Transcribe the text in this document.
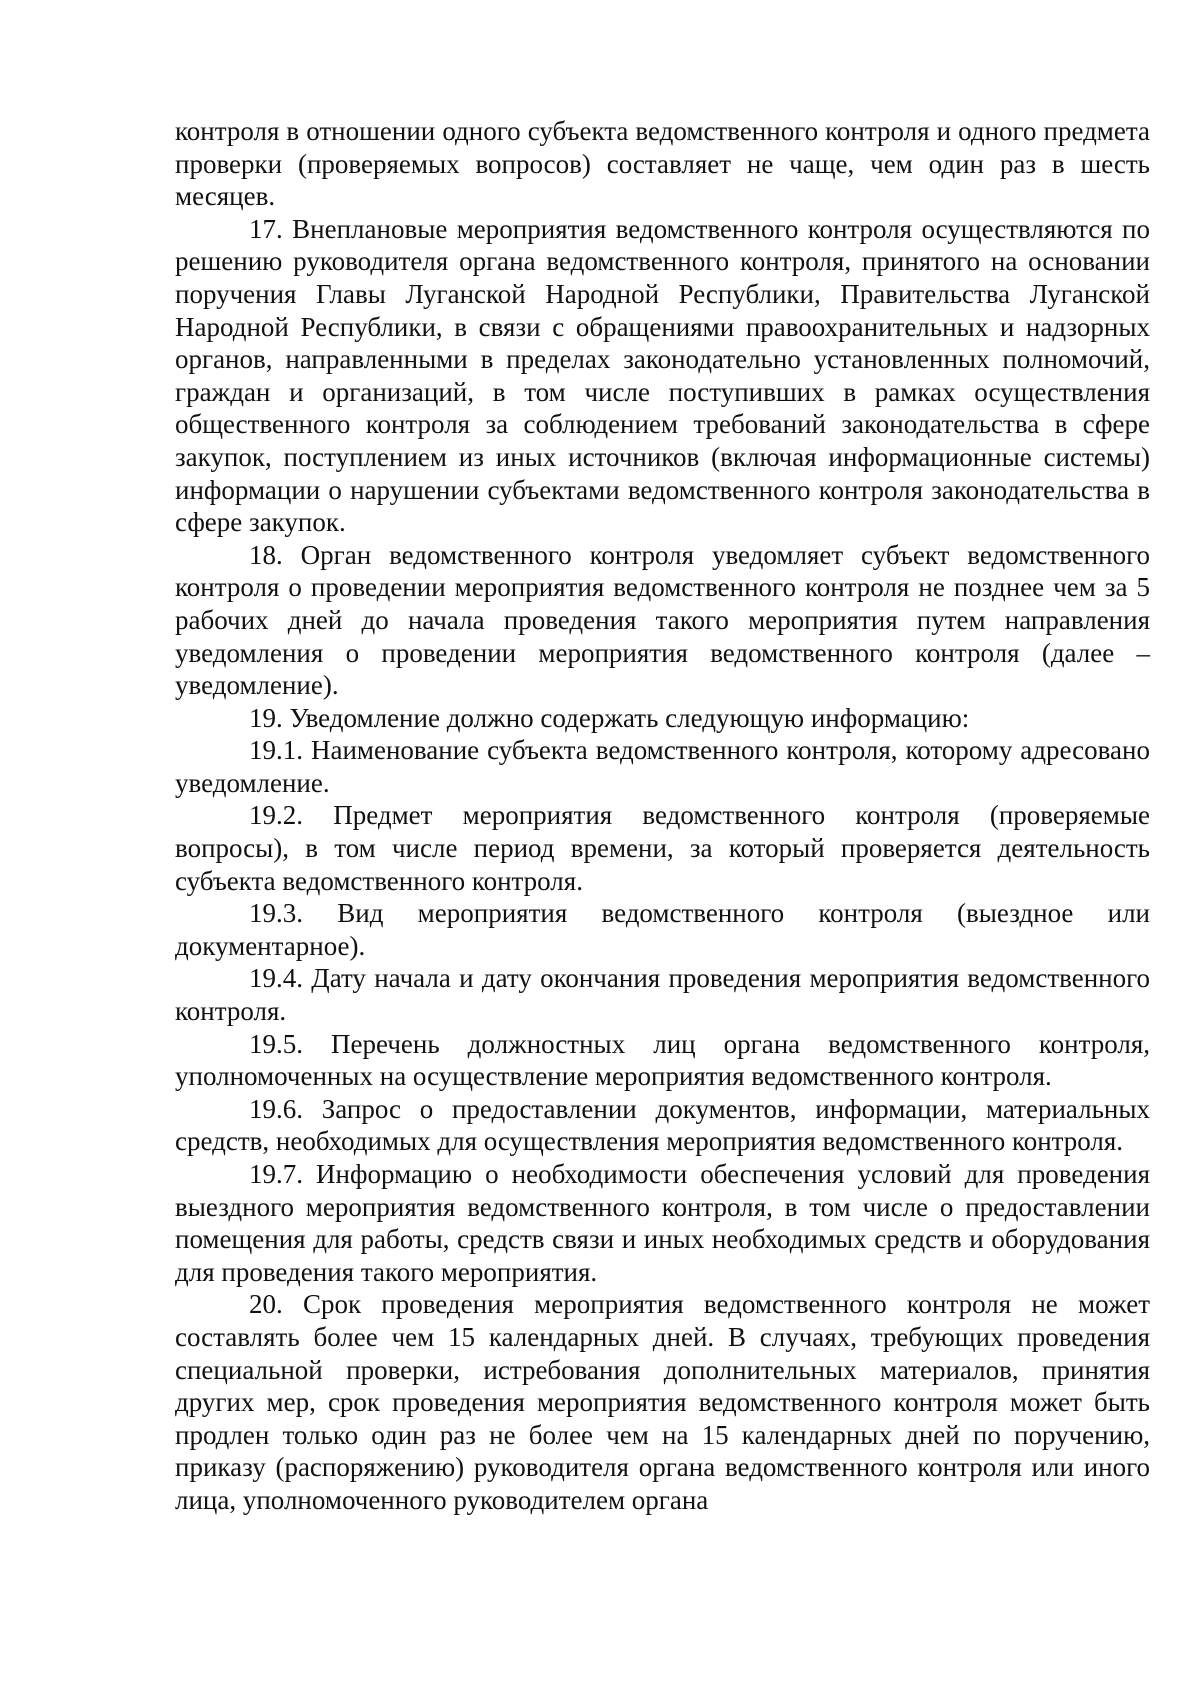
контроля в отношении одного субъекта ведомственного контроля и одного предмета проверки (проверяемых вопросов) составляет не чаще, чем один раз в шесть месяцев.

17. Внеплановые мероприятия ведомственного контроля осуществляются по решению руководителя органа ведомственного контроля, принятого на основании поручения Главы Луганской Народной Республики, Правительства Луганской Народной Республики, в связи с обращениями правоохранительных и надзорных органов, направленными в пределах законодательно установленных полномочий, граждан и организаций, в том числе поступивших в рамках осуществления общественного контроля за соблюдением требований законодательства в сфере закупок, поступлением из иных источников (включая информационные системы) информации о нарушении субъектами ведомственного контроля законодательства в сфере закупок.

18. Орган ведомственного контроля уведомляет субъект ведомственного контроля о проведении мероприятия ведомственного контроля не позднее чем за 5 рабочих дней до начала проведения такого мероприятия путем направления уведомления о проведении мероприятия ведомственного контроля (далее – уведомление).

19. Уведомление должно содержать следующую информацию:

19.1. Наименование субъекта ведомственного контроля, которому адресовано уведомление.

19.2. Предмет мероприятия ведомственного контроля (проверяемые вопросы), в том числе период времени, за который проверяется деятельность субъекта ведомственного контроля.

19.3. Вид мероприятия ведомственного контроля (выездное или документарное).

19.4. Дату начала и дату окончания проведения мероприятия ведомственного контроля.

19.5. Перечень должностных лиц органа ведомственного контроля, уполномоченных на осуществление мероприятия ведомственного контроля.

19.6. Запрос о предоставлении документов, информации, материальных средств, необходимых для осуществления мероприятия ведомственного контроля.

19.7. Информацию о необходимости обеспечения условий для проведения выездного мероприятия ведомственного контроля, в том числе о предоставлении помещения для работы, средств связи и иных необходимых средств и оборудования для проведения такого мероприятия.

20. Срок проведения мероприятия ведомственного контроля не может составлять более чем 15 календарных дней. В случаях, требующих проведения специальной проверки, истребования дополнительных материалов, принятия других мер, срок проведения мероприятия ведомственного контроля может быть продлен только один раз не более чем на 15 календарных дней по поручению, приказу (распоряжению) руководителя органа ведомственного контроля или иного лица, уполномоченного руководителем органа
